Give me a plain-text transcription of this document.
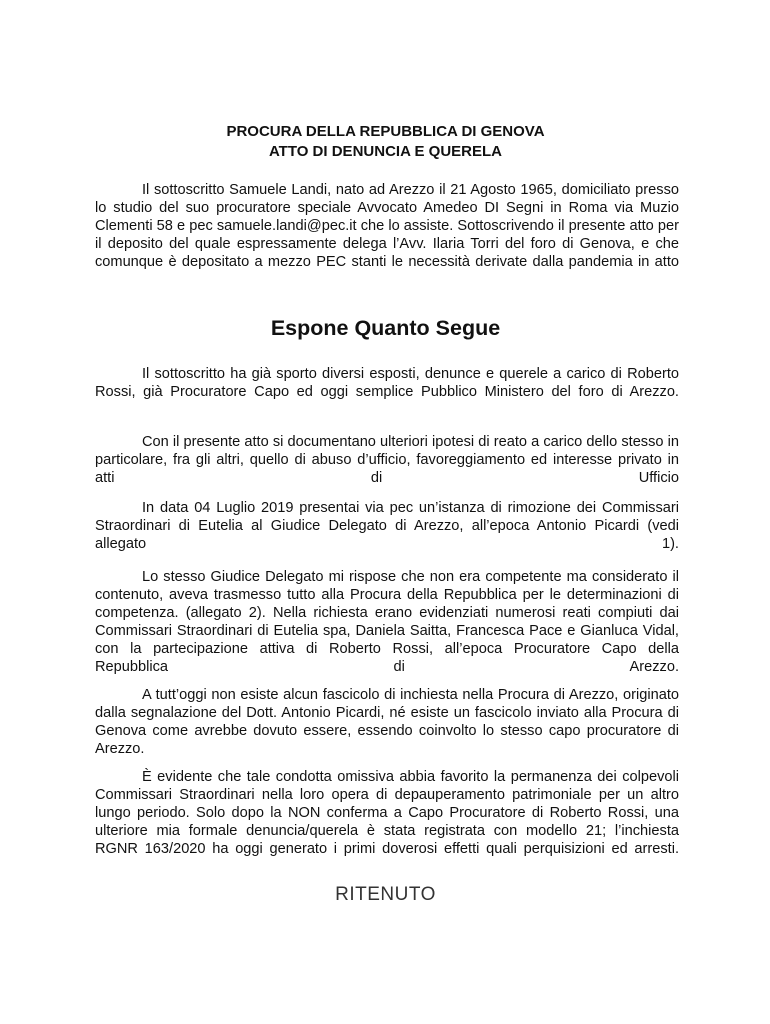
PROCURA DELLA REPUBBLICA DI GENOVA
ATTO DI DENUNCIA E QUERELA

Il sottoscritto Samuele Landi, nato ad Arezzo il 21 Agosto 1965, domiciliato presso lo studio del suo procuratore speciale Avvocato Amedeo DI Segni in Roma via Muzio Clementi 58 e pec samuele.landi@pec.it che lo assiste. Sottoscrivendo il presente atto per il deposito del quale espressamente delega l’Avv. Ilaria Torri del foro di Genova, e che comunque è depositato a mezzo PEC stanti le necessità derivate dalla pandemia in atto

Espone Quanto Segue

Il sottoscritto ha già sporto diversi esposti, denunce e querele a carico di Roberto Rossi, già Procuratore Capo ed oggi semplice Pubblico Ministero del foro di Arezzo.

Con il presente atto si documentano ulteriori ipotesi di reato a carico dello stesso in particolare, fra gli altri, quello di abuso d’ufficio, favoreggiamento ed interesse privato in atti di Ufficio

In data 04 Luglio 2019 presentai via pec un’istanza di rimozione dei Commissari Straordinari di Eutelia al Giudice Delegato di Arezzo, all’epoca Antonio Picardi (vedi allegato 1).

Lo stesso Giudice Delegato mi rispose che non era competente ma considerato il contenuto, aveva trasmesso tutto alla Procura della Repubblica per le determinazioni di competenza. (allegato 2). Nella richiesta erano evidenziati numerosi reati compiuti dai Commissari Straordinari di Eutelia spa, Daniela Saitta, Francesca Pace e Gianluca Vidal, con la partecipazione attiva di Roberto Rossi, all’epoca Procuratore Capo della Repubblica di Arezzo.

A tutt’oggi non esiste alcun fascicolo di inchiesta nella Procura di Arezzo, originato dalla segnalazione del Dott. Antonio Picardi, né esiste un fascicolo inviato alla Procura di Genova come avrebbe dovuto essere, essendo coinvolto lo stesso capo procuratore di Arezzo.

È evidente che tale condotta omissiva abbia favorito la permanenza dei colpevoli Commissari Straordinari nella loro opera di depauperamento patrimoniale per un altro lungo periodo. Solo dopo la NON conferma a Capo Procuratore di Roberto Rossi, una ulteriore mia formale denuncia/querela è stata registrata con modello 21; l’inchiesta RGNR 163/2020 ha oggi generato i primi doverosi effetti quali perquisizioni ed arresti.

RITENUTO
